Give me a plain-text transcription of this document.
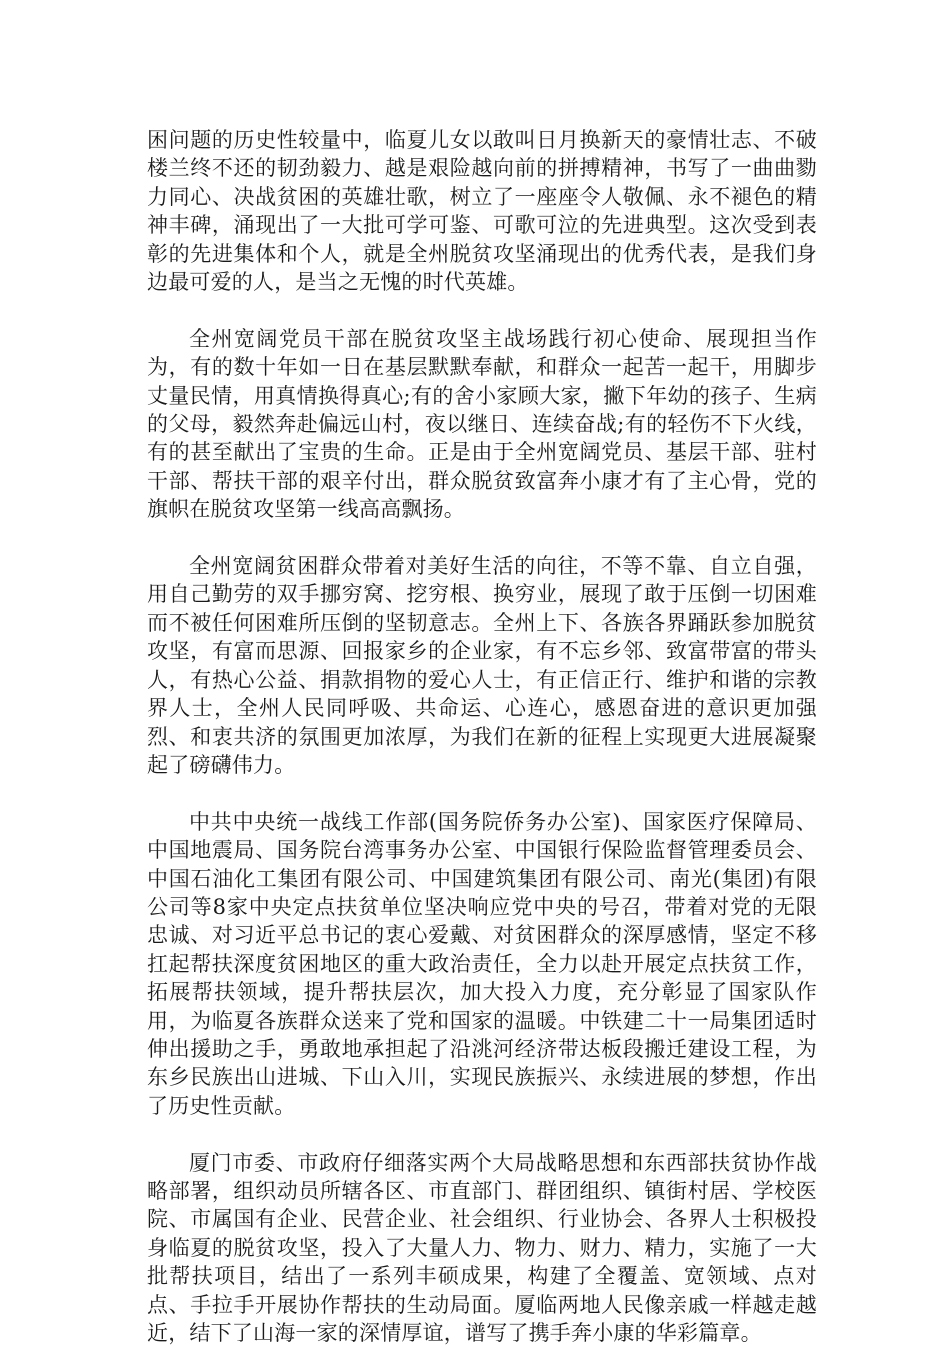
困问题的历史性较量中，临夏儿女以敢叫日月换新天的豪情壮志、不破楼兰终不还的韧劲毅力、越是艰险越向前的拼搏精神，书写了一曲曲勠力同心、决战贫困的英雄壮歌，树立了一座座令人敬佩、永不褪色的精神丰碑，涌现出了一大批可学可鉴、可歌可泣的先进典型。这次受到表彰的先进集体和个人，就是全州脱贫攻坚涌现出的优秀代表，是我们身边最可爱的人，是当之无愧的时代英雄。

全州宽阔党员干部在脱贫攻坚主战场践行初心使命、展现担当作为，有的数十年如一日在基层默默奉献，和群众一起苦一起干，用脚步丈量民情，用真情换得真心;有的舍小家顾大家，撇下年幼的孩子、生病的父母，毅然奔赴偏远山村，夜以继日、连续奋战;有的轻伤不下火线，有的甚至献出了宝贵的生命。正是由于全州宽阔党员、基层干部、驻村干部、帮扶干部的艰辛付出，群众脱贫致富奔小康才有了主心骨，党的旗帜在脱贫攻坚第一线高高飘扬。

全州宽阔贫困群众带着对美好生活的向往，不等不靠、自立自强，用自己勤劳的双手挪穷窝、挖穷根、换穷业，展现了敢于压倒一切困难而不被任何困难所压倒的坚韧意志。全州上下、各族各界踊跃参加脱贫攻坚，有富而思源、回报家乡的企业家，有不忘乡邻、致富带富的带头人，有热心公益、捐款捐物的爱心人士，有正信正行、维护和谐的宗教界人士，全州人民同呼吸、共命运、心连心，感恩奋进的意识更加强烈、和衷共济的氛围更加浓厚，为我们在新的征程上实现更大进展凝聚起了磅礴伟力。

中共中央统一战线工作部(国务院侨务办公室)、国家医疗保障局、中国地震局、国务院台湾事务办公室、中国银行保险监督管理委员会、中国石油化工集团有限公司、中国建筑集团有限公司、南光(集团)有限公司等8家中央定点扶贫单位坚决响应党中央的号召，带着对党的无限忠诚、对习近平总书记的衷心爱戴、对贫困群众的深厚感情，坚定不移扛起帮扶深度贫困地区的重大政治责任，全力以赴开展定点扶贫工作，拓展帮扶领域，提升帮扶层次，加大投入力度，充分彰显了国家队作用，为临夏各族群众送来了党和国家的温暖。中铁建二十一局集团适时伸出援助之手，勇敢地承担起了沿洮河经济带达板段搬迁建设工程，为东乡民族出山进城、下山入川，实现民族振兴、永续进展的梦想，作出了历史性贡献。

厦门市委、市政府仔细落实两个大局战略思想和东西部扶贫协作战略部署，组织动员所辖各区、市直部门、群团组织、镇街村居、学校医院、市属国有企业、民营企业、社会组织、行业协会、各界人士积极投身临夏的脱贫攻坚，投入了大量人力、物力、财力、精力，实施了一大批帮扶项目，结出了一系列丰硕成果，构建了全覆盖、宽领域、点对点、手拉手开展协作帮扶的生动局面。厦临两地人民像亲戚一样越走越近，结下了山海一家的深情厚谊，谱写了携手奔小康的华彩篇章。
